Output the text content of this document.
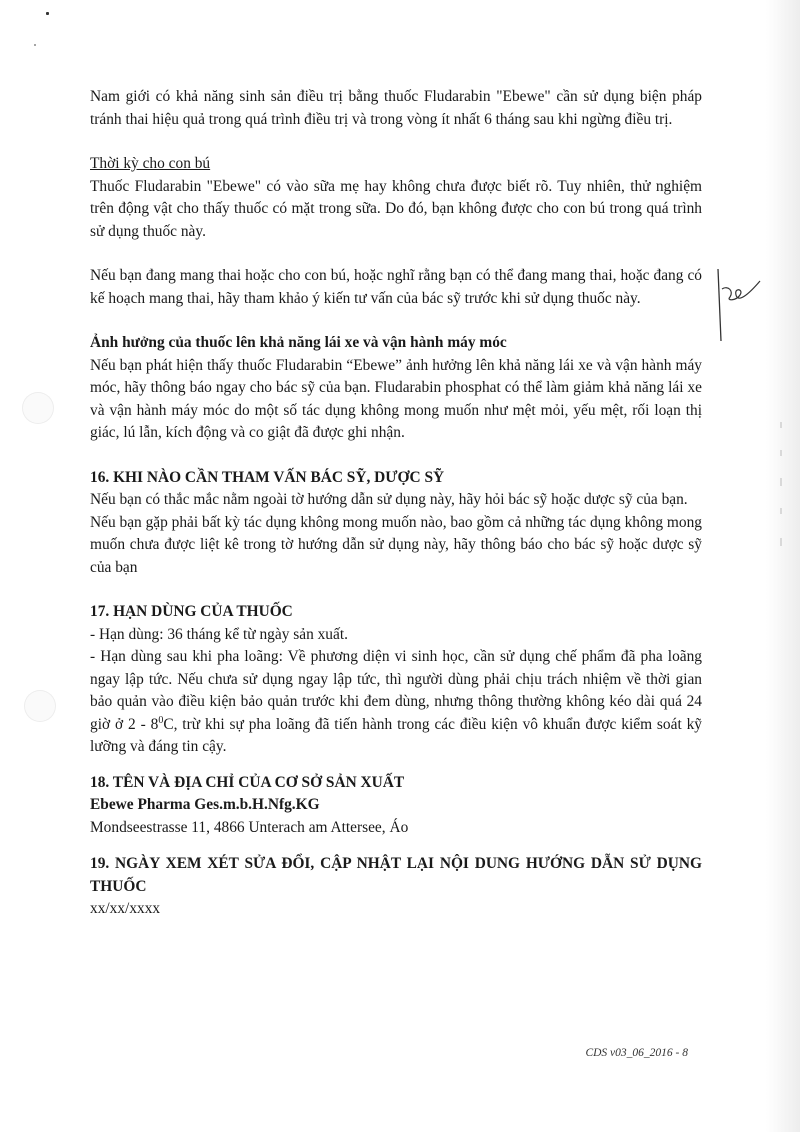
Nam giới có khả năng sinh sản điều trị bằng thuốc Fludarabin "Ebewe" cần sử dụng biện pháp tránh thai hiệu quả trong quá trình điều trị và trong vòng ít nhất 6 tháng sau khi ngừng điều trị.

Thời kỳ cho con bú

Thuốc Fludarabin "Ebewe" có vào sữa mẹ hay không chưa được biết rõ. Tuy nhiên, thử nghiệm trên động vật cho thấy thuốc có mặt trong sữa. Do đó, bạn không được cho con bú trong quá trình sử dụng thuốc này.

Nếu bạn đang mang thai hoặc cho con bú, hoặc nghĩ rằng bạn có thể đang mang thai, hoặc đang có kế hoạch mang thai, hãy tham khảo ý kiến tư vấn của bác sỹ trước khi sử dụng thuốc này.

Ảnh hưởng của thuốc lên khả năng lái xe và vận hành máy móc

Nếu bạn phát hiện thấy thuốc Fludarabin “Ebewe” ảnh hưởng lên khả năng lái xe và vận hành máy móc, hãy thông báo ngay cho bác sỹ của bạn. Fludarabin phosphat có thể làm giảm khả năng lái xe và vận hành máy móc do một số tác dụng không mong muốn như mệt mỏi, yếu mệt, rối loạn thị giác, lú lẫn, kích động và co giật đã được ghi nhận.

16. KHI NÀO CẦN THAM VẤN BÁC SỸ, DƯỢC SỸ

Nếu bạn có thắc mắc nằm ngoài tờ hướng dẫn sử dụng này, hãy hỏi bác sỹ hoặc dược sỹ của bạn.

Nếu bạn gặp phải bất kỳ tác dụng không mong muốn nào, bao gồm cả những tác dụng không mong muốn chưa được liệt kê trong tờ hướng dẫn sử dụng này, hãy thông báo cho bác sỹ hoặc dược sỹ của bạn

17. HẠN DÙNG CỦA THUỐC

- Hạn dùng: 36 tháng kể từ ngày sản xuất.

- Hạn dùng sau khi pha loãng: Về phương diện vi sinh học, cần sử dụng chế phẩm đã pha loãng ngay lập tức. Nếu chưa sử dụng ngay lập tức, thì người dùng phải chịu trách nhiệm về thời gian bảo quản vào điều kiện bảo quản trước khi đem dùng, nhưng thông thường không kéo dài quá 24 giờ ở $2 - 8^0C$, trừ khi sự pha loãng đã tiến hành trong các điều kiện vô khuẩn được kiểm soát kỹ lưỡng và đáng tin cậy.

18. TÊN VÀ ĐỊA CHỈ CỦA CƠ SỞ SẢN XUẤT

Ebewe Pharma Ges.m.b.H.Nfg.KG

Mondseestrasse 11, 4866 Unterach am Attersee, Áo

19. NGÀY XEM XÉT SỬA ĐỔI, CẬP NHẬT LẠI NỘI DUNG HƯỚNG DẪN SỬ DỤNG THUỐC

xx/xx/xxxx

CDS v03_06_2016 - 8
